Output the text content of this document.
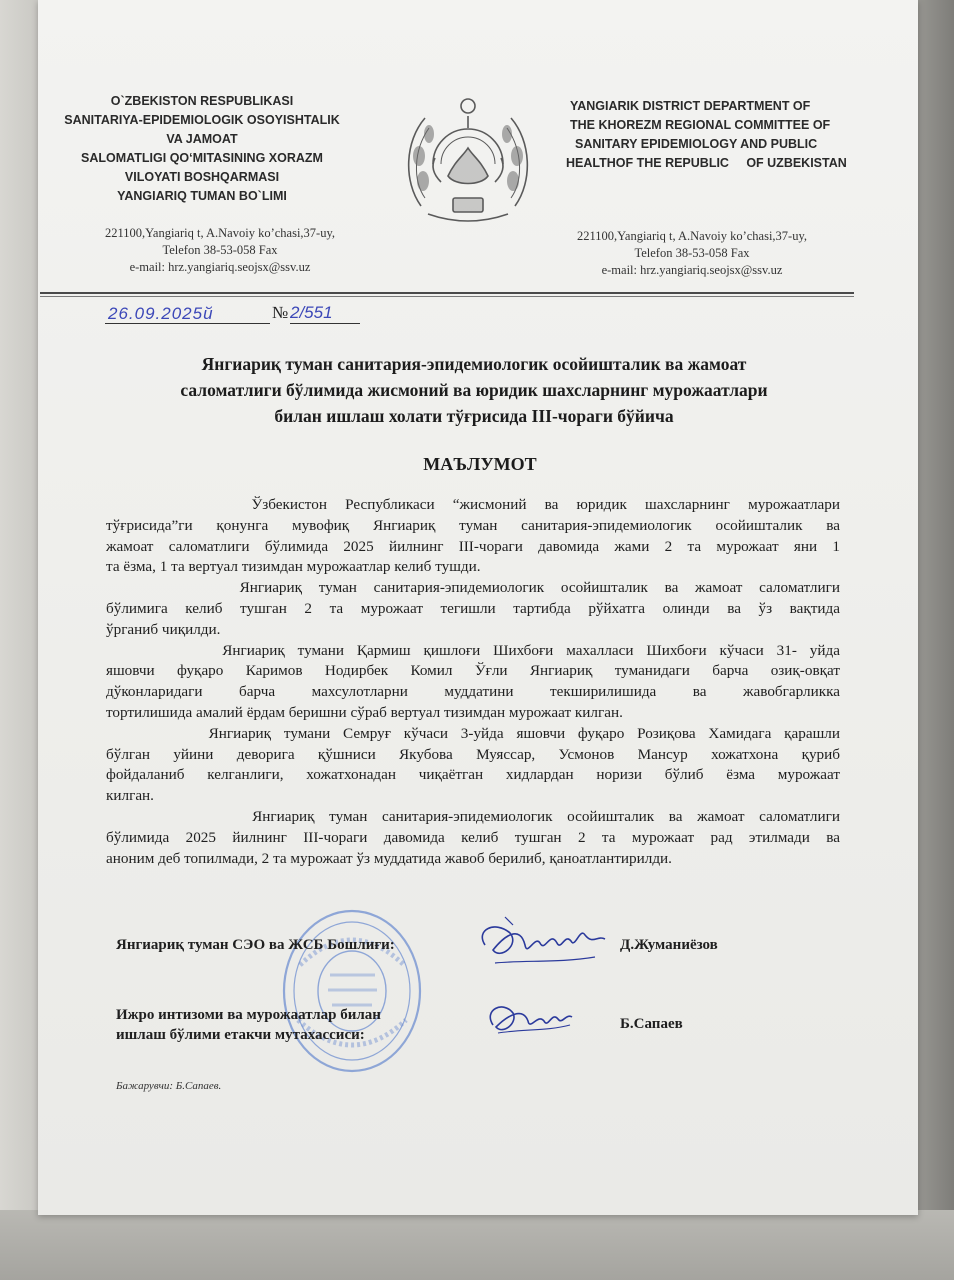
O`ZBEKISTON RESPUBLIKASI
SANITARIYA-EPIDEMIOLOGIK OSOYISHTALIK
VA JAMOAT
SALOMATLIGI QO‘MITASINING XORAZM
VILOYATI BOSHQARMASI
YANGIARIQ TUMAN BO`LIMI
221100,Yangiariq t, A.Navoiy ko’chasi,37-uy,
Telefon 38-53-058 Fax
e-mail: hrz.yangiariq.seojsx@ssv.uz
YANGIARIK DISTRICT DEPARTMENT OF
THE KHOREZM REGIONAL COMMITTEE OF
SANITARY EPIDEMIOLOGY AND PUBLIC
HEALTHOF THE REPUBLIC     OF UZBEKISTAN
221100,Yangiariq t, A.Navoiy ko’chasi,37-uy,
Telefon 38-53-058 Fax
e-mail: hrz.yangiariq.seojsx@ssv.uz
26.09.2025й	№ 2/551
Янгиариқ туман санитария-эпидемиологик осойишталик ва жамоат
саломатлиги бўлимида жисмоний ва юридик шахсларнинг мурожаатлари
билан ишлаш холати тўғрисида III-чораги бўйича
МАЪЛУМОТ
Ўзбекистон Республикаси “жисмоний ва юридик шахсларнинг мурожаатлари
тўғрисида”ги қонунга мувофиқ Янгиариқ туман санитария-эпидемиологик осойишталик ва
жамоат саломатлиги бўлимида 2025 йилнинг III-чораги давомида жами 2 та мурожаат яни 1
та ёзма, 1 та вертуал тизимдан мурожаатлар келиб тушди.
Янгиариқ туман санитария-эпидемиологик осойишталик ва жамоат саломатлиги
бўлимига келиб тушган 2 та мурожаат тегишли тартибда рўйхатга олинди ва ўз вақтида
ўрганиб чиқилди.
Янгиариқ тумани Қармиш қишлоғи Шихбоғи махалласи Шихбоғи кўчаси 31- уйда
яшовчи фуқаро Каримов Нодирбек Комил Ўғли Янгиариқ туманидаги барча озиқ-овқат
дўконларидаги барча махсулотларни муддатини текширилишида ва жавобгарликка
тортилишида амалий ёрдам беришни сўраб вертуал тизимдан мурожаат килган.
Янгиариқ тумани Семруғ кўчаси 3-уйда яшовчи фуқаро Розиқова Хамидага қарашли
бўлган уйини деворига қўшниси Якубова Муяссар, Усмонов Мансур хожатхона қуриб
фойдаланиб келганлиги, хожатхонадан чиқаётган хидлардан норизи бўлиб ёзма мурожаат
килган.
Янгиариқ туман санитария-эпидемиологик осойишталик ва жамоат саломатлиги
бўлимида 2025 йилнинг III-чораги давомида келиб тушган 2 та мурожаат рад этилмади ва
аноним деб топилмади, 2 та мурожаат ўз муддатида жавоб берилиб, қаноатлантирилди.
Янгиариқ туман СЭО ва ЖСБ Бошлиғи:	Д.Жуманиёзов
Ижро интизоми ва мурожаатлар билан
ишлаш бўлими етакчи мутахассиси:
Б.Сапаев
Бажарувчи: Б.Сапаев.
